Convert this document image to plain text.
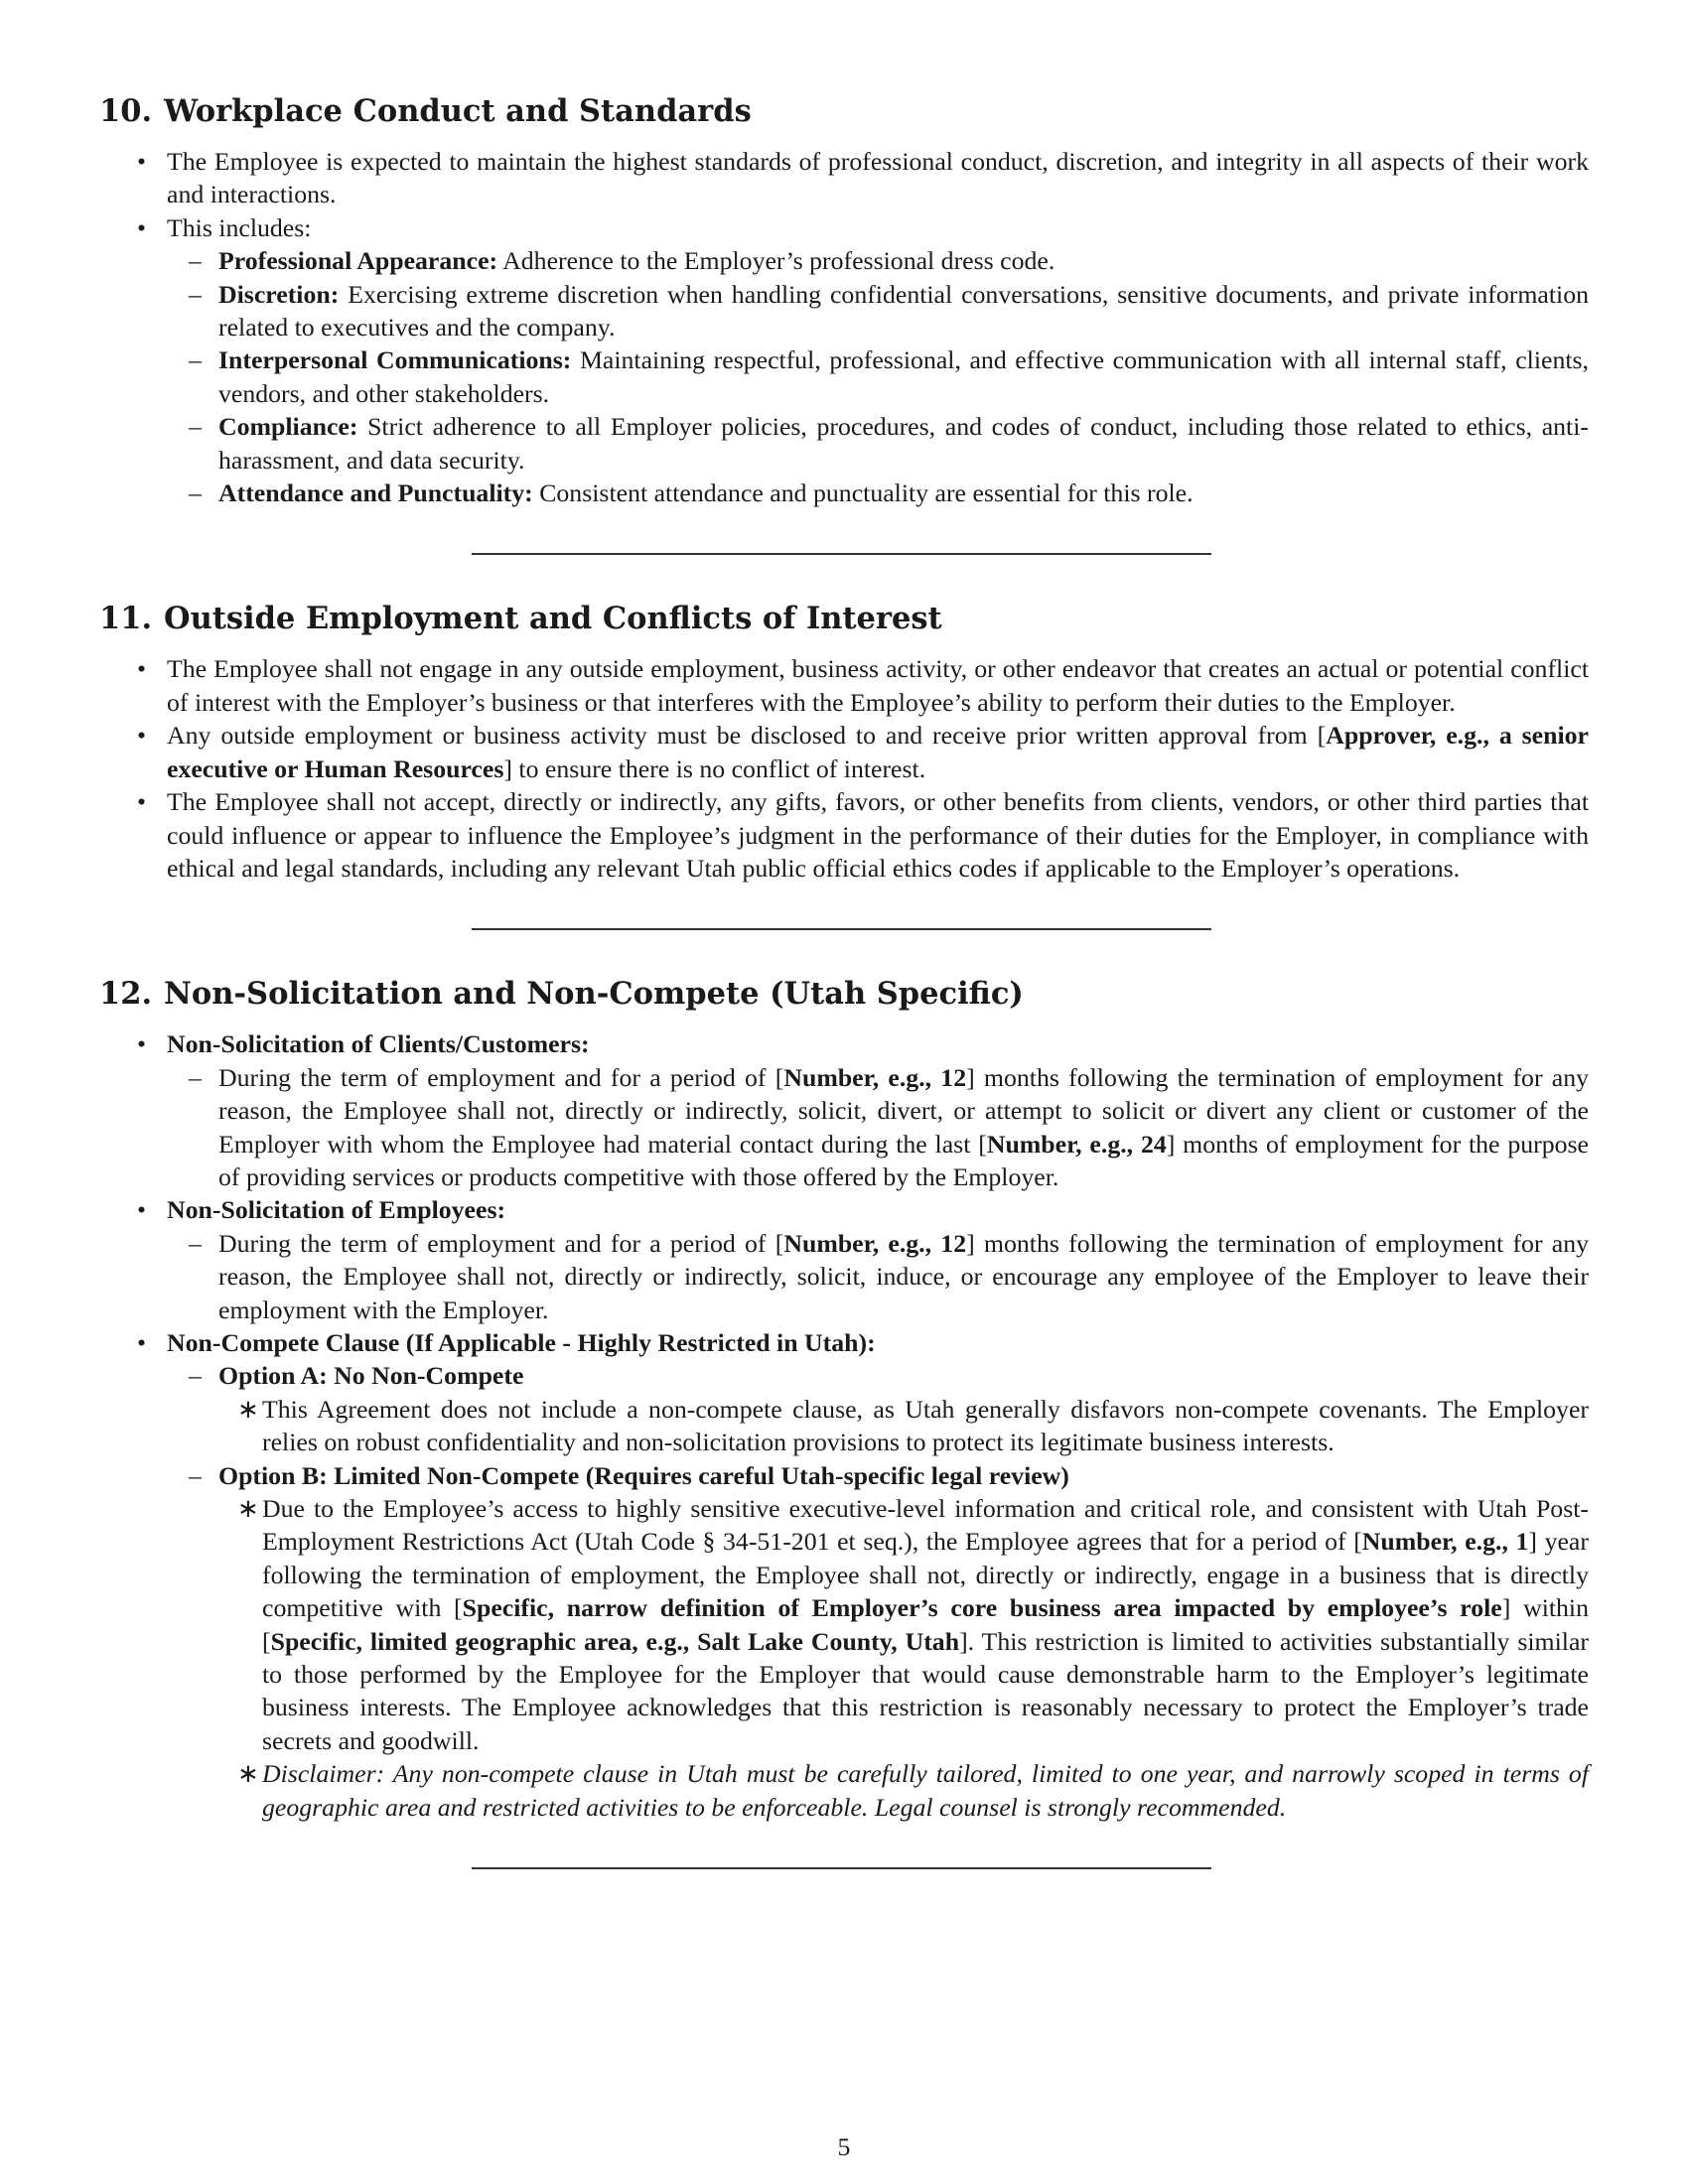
10. Workplace Conduct and Standards
• The Employee is expected to maintain the highest standards of professional conduct, discretion, and integrity in all aspects of their work and interactions.
• This includes:
– Professional Appearance: Adherence to the Employer’s professional dress code.
– Discretion: Exercising extreme discretion when handling confidential conversations, sensitive documents, and private information related to executives and the company.
– Interpersonal Communications: Maintaining respectful, professional, and effective communication with all internal staff, clients, vendors, and other stakeholders.
– Compliance: Strict adherence to all Employer policies, procedures, and codes of conduct, including those related to ethics, anti-harassment, and data security.
– Attendance and Punctuality: Consistent attendance and punctuality are essential for this role.
11. Outside Employment and Conflicts of Interest
• The Employee shall not engage in any outside employment, business activity, or other endeavor that creates an actual or potential conflict of interest with the Employer’s business or that interferes with the Employee’s ability to perform their duties to the Employer.
• Any outside employment or business activity must be disclosed to and receive prior written approval from [Approver, e.g., a senior executive or Human Resources] to ensure there is no conflict of interest.
• The Employee shall not accept, directly or indirectly, any gifts, favors, or other benefits from clients, vendors, or other third parties that could influence or appear to influence the Employee’s judgment in the performance of their duties for the Employer, in compliance with ethical and legal standards, including any relevant Utah public official ethics codes if applicable to the Employer’s operations.
12. Non-Solicitation and Non-Compete (Utah Specific)
• Non-Solicitation of Clients/Customers:
– During the term of employment and for a period of [Number, e.g., 12] months following the termination of employment for any reason, the Employee shall not, directly or indirectly, solicit, divert, or attempt to solicit or divert any client or customer of the Employer with whom the Employee had material contact during the last [Number, e.g., 24] months of employment for the purpose of providing services or products competitive with those offered by the Employer.
• Non-Solicitation of Employees:
– During the term of employment and for a period of [Number, e.g., 12] months following the termination of employment for any reason, the Employee shall not, directly or indirectly, solicit, induce, or encourage any employee of the Employer to leave their employment with the Employer.
• Non-Compete Clause (If Applicable - Highly Restricted in Utah):
– Option A: No Non-Compete
∗ This Agreement does not include a non-compete clause, as Utah generally disfavors non-compete covenants. The Employer relies on robust confidentiality and non-solicitation provisions to protect its legitimate business interests.
– Option B: Limited Non-Compete (Requires careful Utah-specific legal review)
∗ Due to the Employee’s access to highly sensitive executive-level information and critical role, and consistent with Utah Post-Employment Restrictions Act (Utah Code § 34-51-201 et seq.), the Employee agrees that for a period of [Number, e.g., 1] year following the termination of employment, the Employee shall not, directly or indirectly, engage in a business that is directly competitive with [Specific, narrow definition of Employer’s core business area impacted by employee’s role] within [Specific, limited geographic area, e.g., Salt Lake County, Utah]. This restriction is limited to activities substantially similar to those performed by the Employee for the Employer that would cause demonstrable harm to the Employer’s legitimate business interests. The Employee acknowledges that this restriction is reasonably necessary to protect the Employer’s trade secrets and goodwill.
∗ Disclaimer: Any non-compete clause in Utah must be carefully tailored, limited to one year, and narrowly scoped in terms of geographic area and restricted activities to be enforceable. Legal counsel is strongly recommended.
5
